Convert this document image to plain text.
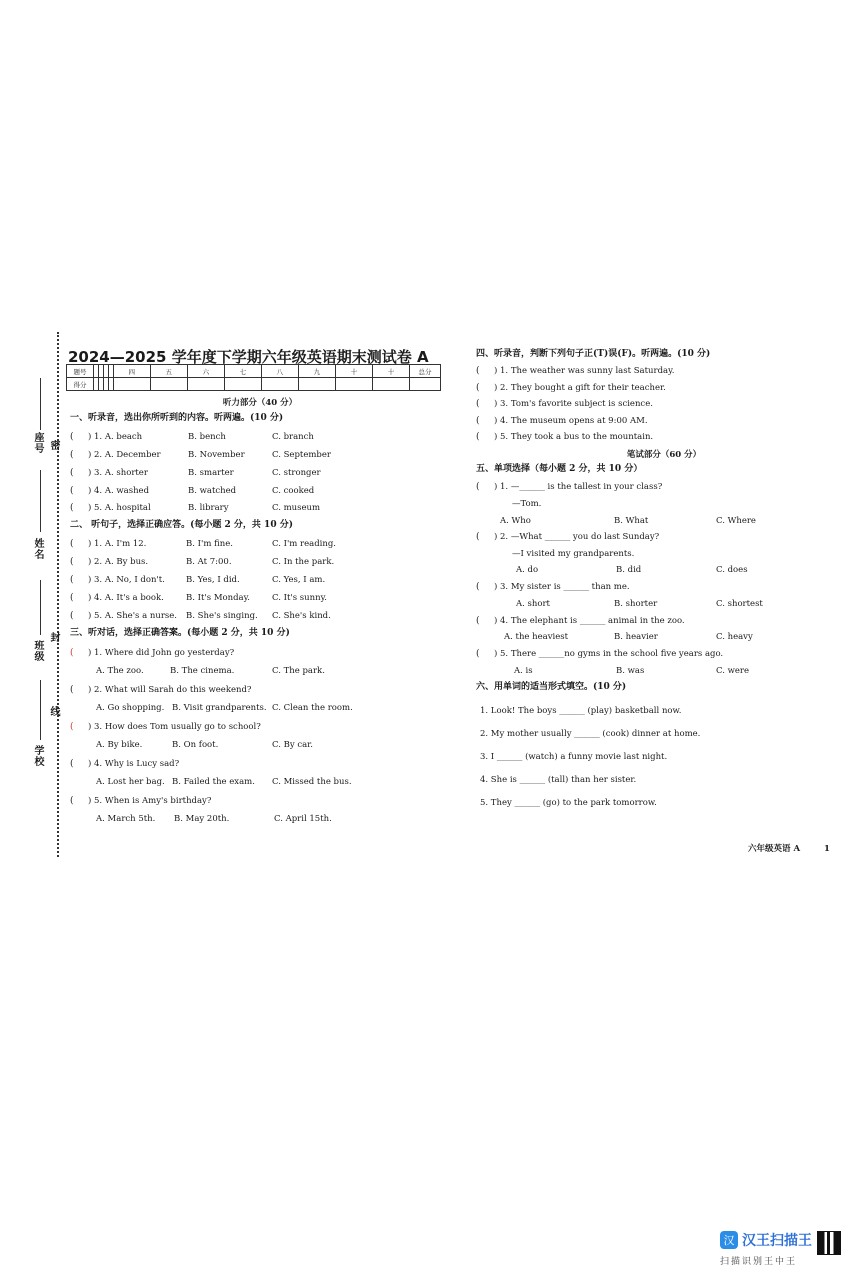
座号 密
姓名
封
班级
线
学校
2024—2025 学年度下学期六年级英语期末测试卷 A
题号					四	五	六	七	八	九	十	十	总分
得分													
听力部分（40 分）
一、听录音，选出你所听到的内容。听两遍。(10 分)
( ) 1. A. beach	B. bench	C. branch
( ) 2. A. December	B. November	C. September
( ) 3. A. shorter	B. smarter	C. stronger
( ) 4. A. washed	B. watched	C. cooked
( ) 5. A. hospital	B. library	C. museum
二、 听句子，选择正确应答。(每小题 2 分，共 10 分)
( ) 1. A. I'm 12.	B. I'm fine.	C. I'm reading.
( ) 2. A. By bus.	B. At 7:00.	C. In the park.
( ) 3. A. No, I don't. B. Yes, I did.	C. Yes, I am.
( ) 4. A. It's a book.	B. It's Monday.	C. It's sunny.
( ) 5. A. She's a nurse. B. She's singing. C. She's kind.
三、听对话，选择正确答案。(每小题 2 分，共 10 分)
( ) 1. Where did John go yesterday?
A. The zoo.	B. The cinema.	C. The park.
( ) 2. What will Sarah do this weekend?
A. Go shopping. B. Visit grandparents. C. Clean the room.
( ) 3. How does Tom usually go to school?
A. By bike.	B. On foot.	C. By car.
( ) 4. Why is Lucy sad?
A. Lost her bag. B. Failed the exam. C. Missed the bus.
( ) 5. When is Amy's birthday?
A. March 5th. B. May 20th.	C. April 15th.
四、听录音，判断下列句子正(T)误(F)。听两遍。(10 分)
( ) 1. The weather was sunny last Saturday.
( ) 2. They bought a gift for their teacher.
( ) 3. Tom's favorite subject is science.
( ) 4. The museum opens at 9:00 AM.
( ) 5. They took a bus to the mountain.
笔试部分（60 分）
五、单项选择（每小题 2 分，共 10 分）
( ) 1. —______ is the tallest in your class?
—Tom.
A. Who	B. What	C. Where
( ) 2. —What ______ you do last Sunday?
—I visited my grandparents.
A. do	B. did	C. does
( ) 3. My sister is ______ than me.
A. short	B. shorter	C. shortest
( ) 4. The elephant is ______ animal in the zoo.
A. the heaviest	B. heavier	C. heavy
( ) 5. There ______no gyms in the school five years ago.
A. is	B. was	C. were
六、用单词的适当形式填空。(10 分)
1. Look! The boys ______ (play) basketball now.
2. My mother usually ______ (cook) dinner at home.
3. I ______ (watch) a funny movie last night.
4. She is ______ (tall) than her sister.
5. They ______ (go) to the park tomorrow.
六年级英语 A	1
汉 汉王扫描王
扫描识别王中王
